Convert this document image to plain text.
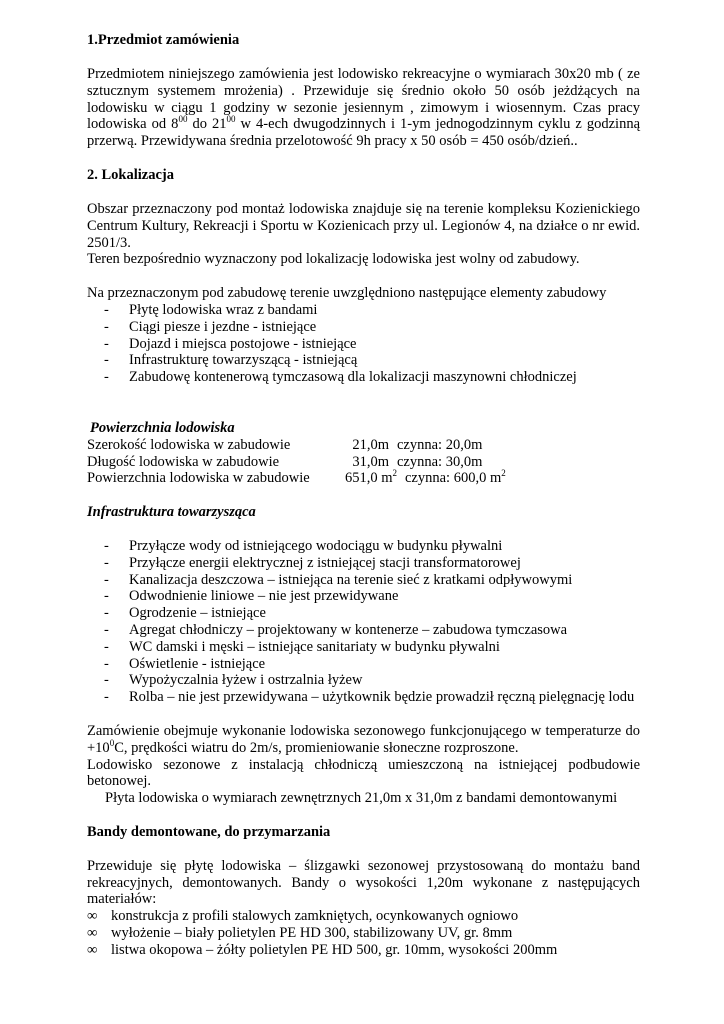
1.Przedmiot zamówienia

Przedmiotem niniejszego zamówienia jest lodowisko rekreacyjne o wymiarach 30x20 mb ( ze sztucznym systemem mrożenia) . Przewiduje się średnio około 50 osób jeżdżących na lodowisku w ciągu 1 godziny w sezonie jesiennym , zimowym i wiosennym. Czas pracy lodowiska od $8^{00}$ do $21^{00}$ w 4-ech dwugodzinnych i 1-ym jednogodzinnym cyklu z godzinną przerwą. Przewidywana średnia przelotowość 9h pracy x 50 osób = 450 osób/dzień..

2. Lokalizacja

Obszar przeznaczony pod montaż lodowiska znajduje się na terenie kompleksu Kozienickiego Centrum Kultury, Rekreacji i Sportu w Kozienicach przy ul. Legionów 4, na działce o nr ewid. 2501/3.

Teren bezpośrednio wyznaczony pod lokalizację lodowiska jest wolny od zabudowy.

Na przeznaczonym pod zabudowę terenie uwzględniono następujące elementy zabudowy

- Płytę lodowiska wraz z bandami
- Ciągi piesze i jezdne - istniejące
- Dojazd i miejsca postojowe - istniejące
- Infrastrukturę towarzyszącą - istniejącą
- Zabudowę kontenerową tymczasową dla lokalizacji maszynowni chłodniczej

Powierzchnia lodowiska

Szerokość lodowiska w zabudowie	21,0m czynna: 20,0m
Długość lodowiska w zabudowie	31,0m czynna: 30,0m
Powierzchnia lodowiska w zabudowie	651,0 $m^2$ czynna: 600,0 $m^2$

Infrastruktura towarzysząca

- Przyłącze wody od istniejącego wodociągu w budynku pływalni
- Przyłącze energii elektrycznej z istniejącej stacji transformatorowej
- Kanalizacja deszczowa – istniejąca na terenie sieć z kratkami odpływowymi
- Odwodnienie liniowe – nie jest przewidywane
- Ogrodzenie – istniejące
- Agregat chłodniczy – projektowany w kontenerze – zabudowa tymczasowa
- WC damski i męski – istniejące sanitariaty w budynku pływalni
- Oświetlenie - istniejące
- Wypożyczalnia łyżew i ostrzalnia łyżew
- Rolba – nie jest przewidywana – użytkownik będzie prowadził ręczną pielęgnację lodu

Zamówienie obejmuje wykonanie lodowiska sezonowego funkcjonującego w temperaturze do $+10^0C$, prędkości wiatru do 2m/s, promieniowanie słoneczne rozproszone.

Lodowisko sezonowe z instalacją chłodniczą umieszczoną na istniejącej podbudowie betonowej.

Płyta lodowiska o wymiarach zewnętrznych 21,0m x 31,0m z bandami demontowanymi

Bandy demontowane, do przymarzania

Przewiduje się płytę lodowiska – ślizgawki sezonowej przystosowaną do montażu band rekreacyjnych, demontowanych. Bandy o wysokości 1,20m wykonane z następujących materiałów:

∞ konstrukcja z profili stalowych zamkniętych, ocynkowanych ogniowo
∞ wyłożenie – biały polietylen PE HD 300, stabilizowany UV, gr. 8mm
∞ listwa okopowa – żółty polietylen PE HD 500, gr. 10mm, wysokości 200mm
